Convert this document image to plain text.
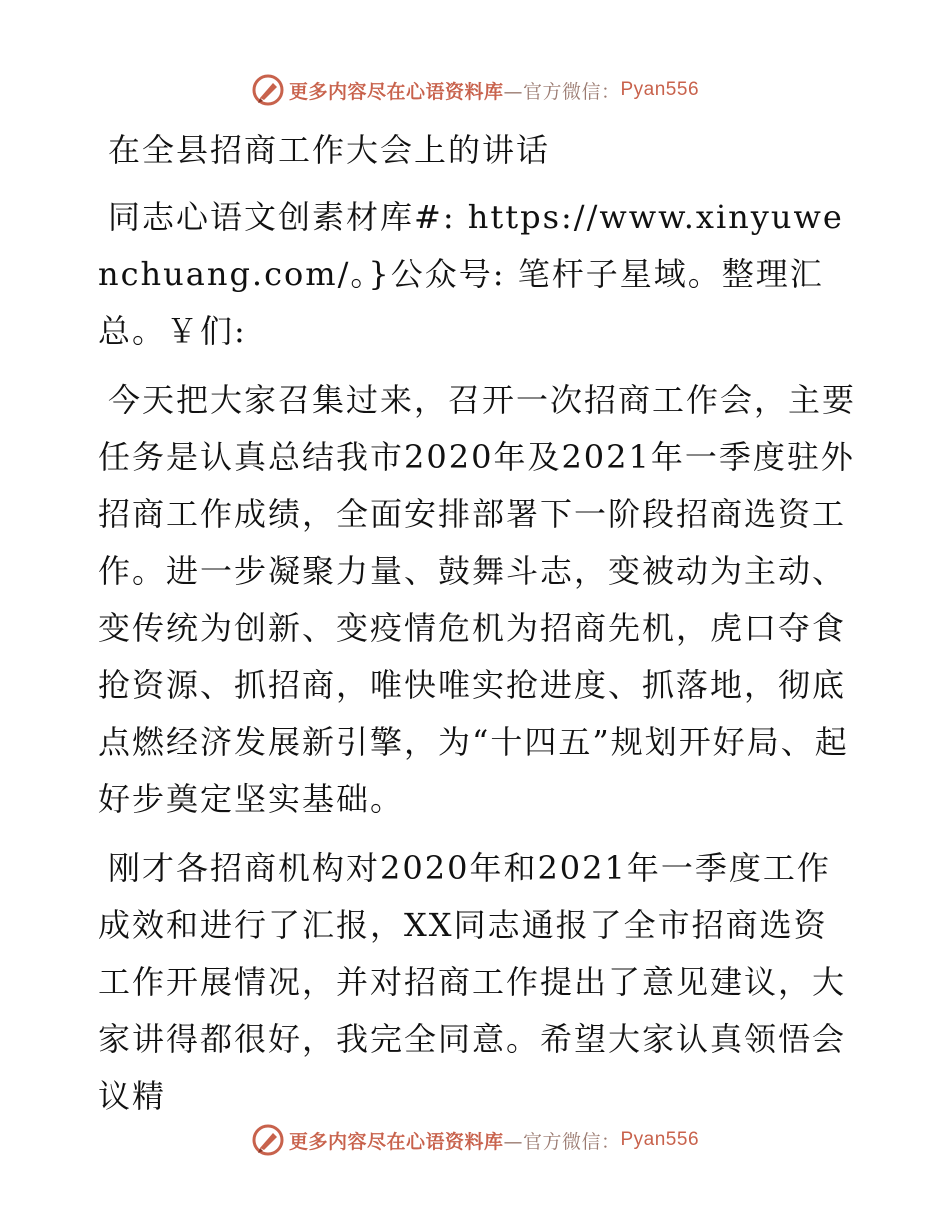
更多内容尽在心语资料库 —官方微信： Pyan556

在全县招商工作大会上的讲话

同志心语文创素材库#: https://www.xinyuwenchuang.com/。}公众号: 笔杆子星域。整理汇总。￥们:

今天把大家召集过来，召开一次招商工作会，主要任务是认真总结我市2020年及2021年一季度驻外招商工作成绩，全面安排部署下一阶段招商选资工作。进一步凝聚力量、鼓舞斗志，变被动为主动、变传统为创新、变疫情危机为招商先机，虎口夺食抢资源、抓招商，唯快唯实抢进度、抓落地，彻底点燃经济发展新引擎，为“十四五”规划开好局、起好步奠定坚实基础。

刚才各招商机构对2020年和2021年一季度工作成效和进行了汇报，XX同志通报了全市招商选资工作开展情况，并对招商工作提出了意见建议，大家讲得都很好，我完全同意。希望大家认真领悟会议精

更多内容尽在心语资料库 —官方微信： Pyan556
